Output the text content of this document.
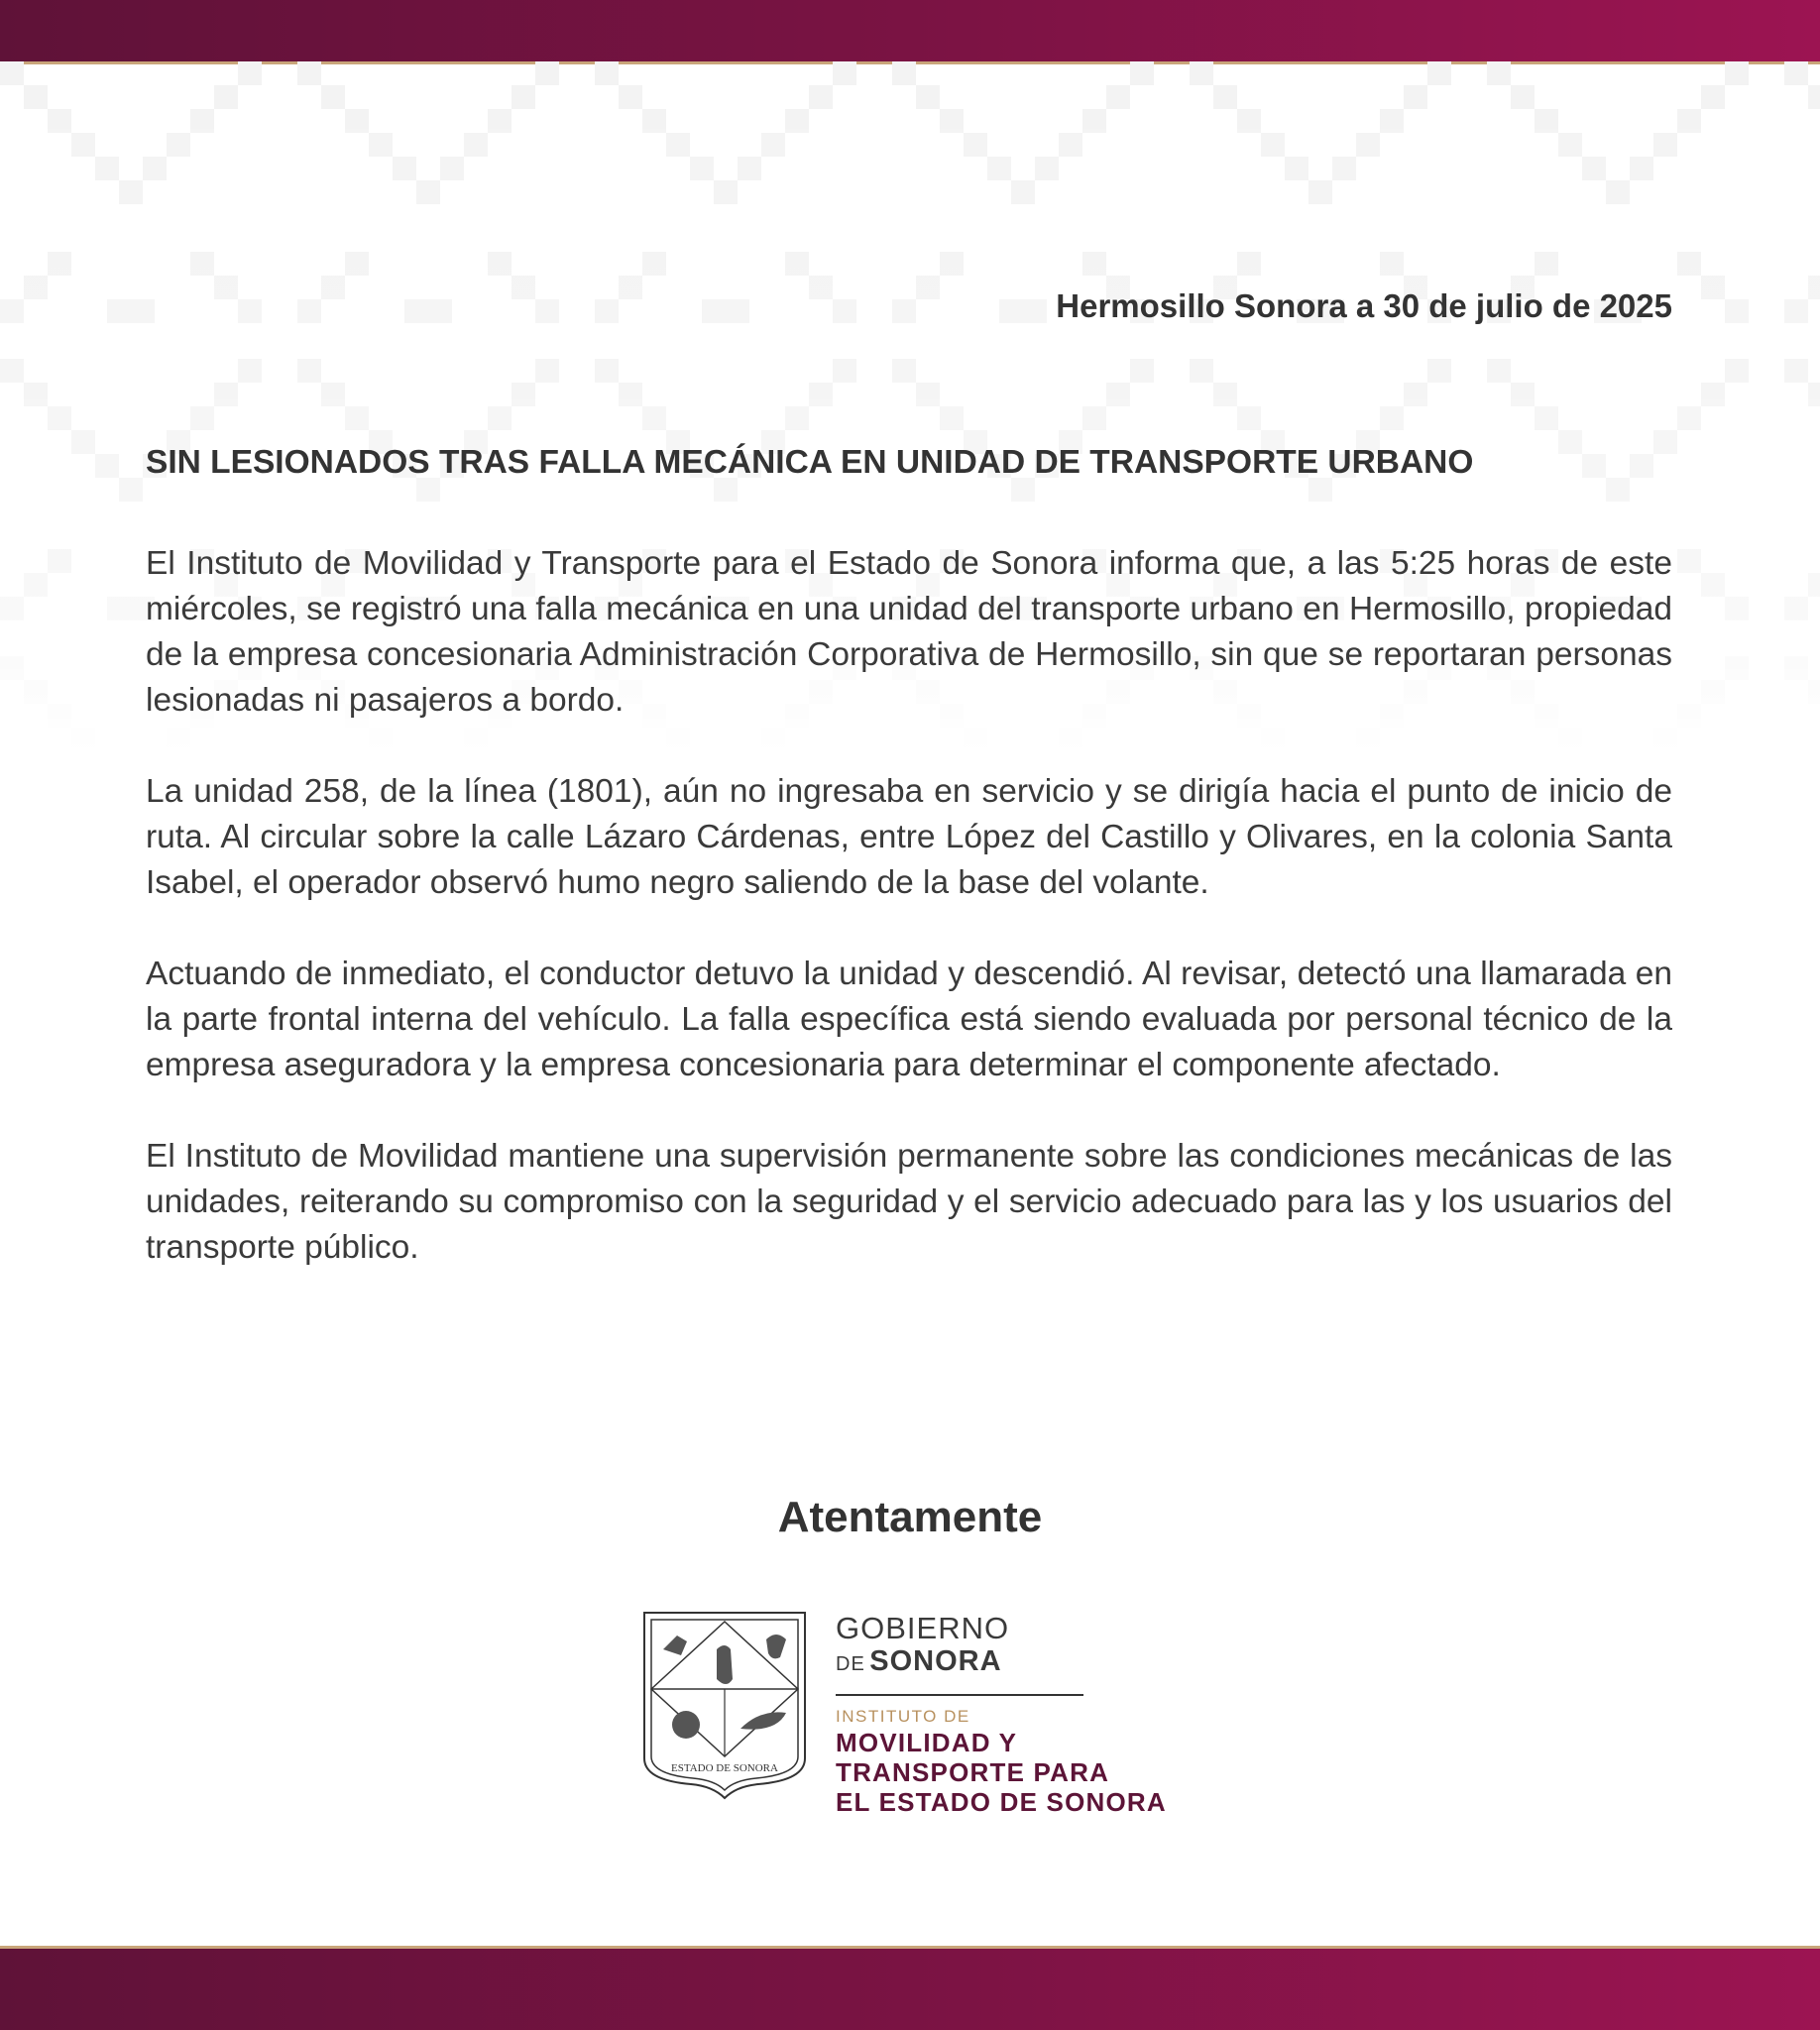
Hermosillo Sonora a 30 de julio de 2025

SIN LESIONADOS TRAS FALLA MECÁNICA EN UNIDAD DE TRANSPORTE URBANO

El Instituto de Movilidad y Transporte para el Estado de Sonora informa que, a las 5:25 horas de este miércoles, se registró una falla mecánica en una unidad del transporte urbano en Hermosillo, propiedad de la empresa concesionaria Administración Corporativa de Hermosillo, sin que se reportaran personas lesionadas ni pasajeros a bordo.

La unidad 258, de la línea (1801), aún no ingresaba en servicio y se dirigía hacia el punto de inicio de ruta. Al circular sobre la calle Lázaro Cárdenas, entre López del Castillo y Olivares, en la colonia Santa Isabel, el operador observó humo negro saliendo de la base del volante.

Actuando de inmediato, el conductor detuvo la unidad y descendió. Al revisar, detectó una llamarada en la parte frontal interna del vehículo. La falla específica está siendo evaluada por personal técnico de la empresa aseguradora y la empresa concesionaria para determinar el componente afectado.

El Instituto de Movilidad mantiene una supervisión permanente sobre las condiciones mecánicas de las unidades, reiterando su compromiso con la seguridad y el servicio adecuado para las y los usuarios del transporte público.

Atentamente
ESTADO DE SONORA
GOBIERNO
DE SONORA
INSTITUTO DE
MOVILIDAD Y
TRANSPORTE PARA
EL ESTADO DE SONORA
